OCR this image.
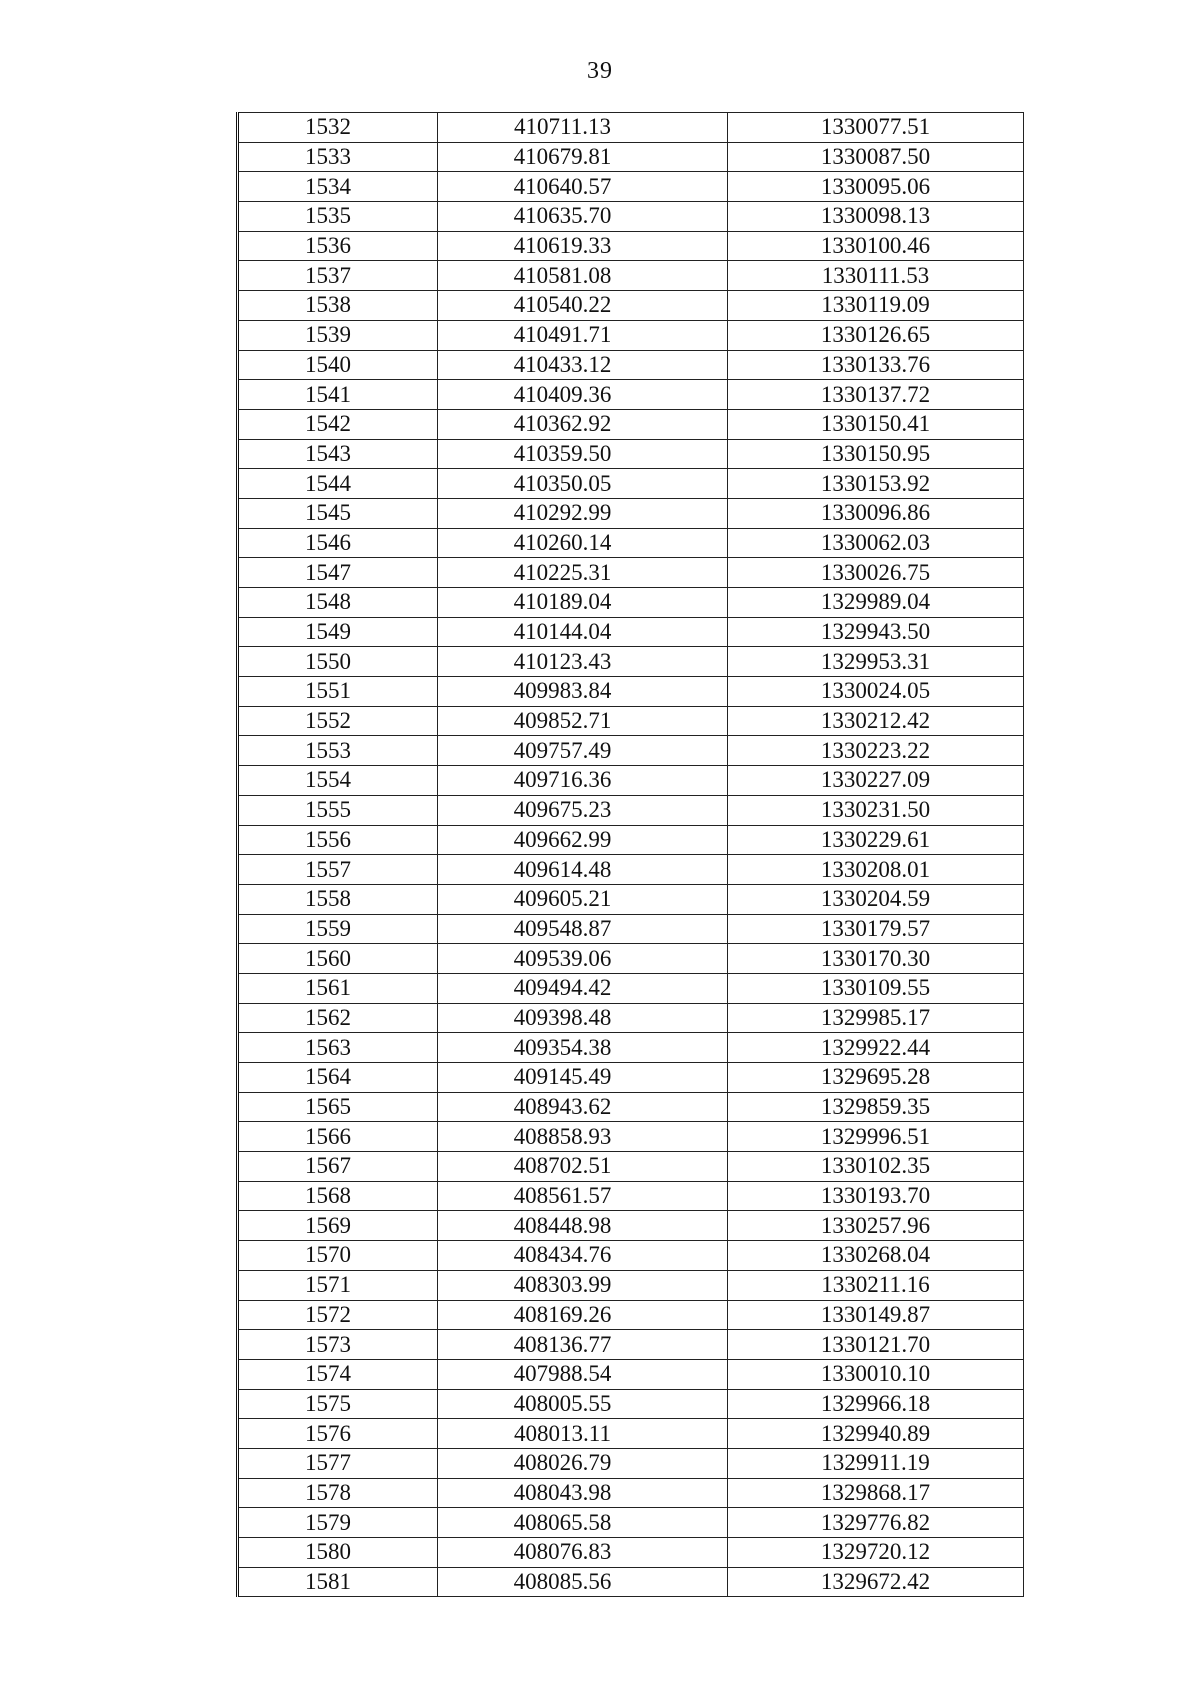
39
1532	410711.13	1330077.51
1533	410679.81	1330087.50
1534	410640.57	1330095.06
1535	410635.70	1330098.13
1536	410619.33	1330100.46
1537	410581.08	1330111.53
1538	410540.22	1330119.09
1539	410491.71	1330126.65
1540	410433.12	1330133.76
1541	410409.36	1330137.72
1542	410362.92	1330150.41
1543	410359.50	1330150.95
1544	410350.05	1330153.92
1545	410292.99	1330096.86
1546	410260.14	1330062.03
1547	410225.31	1330026.75
1548	410189.04	1329989.04
1549	410144.04	1329943.50
1550	410123.43	1329953.31
1551	409983.84	1330024.05
1552	409852.71	1330212.42
1553	409757.49	1330223.22
1554	409716.36	1330227.09
1555	409675.23	1330231.50
1556	409662.99	1330229.61
1557	409614.48	1330208.01
1558	409605.21	1330204.59
1559	409548.87	1330179.57
1560	409539.06	1330170.30
1561	409494.42	1330109.55
1562	409398.48	1329985.17
1563	409354.38	1329922.44
1564	409145.49	1329695.28
1565	408943.62	1329859.35
1566	408858.93	1329996.51
1567	408702.51	1330102.35
1568	408561.57	1330193.70
1569	408448.98	1330257.96
1570	408434.76	1330268.04
1571	408303.99	1330211.16
1572	408169.26	1330149.87
1573	408136.77	1330121.70
1574	407988.54	1330010.10
1575	408005.55	1329966.18
1576	408013.11	1329940.89
1577	408026.79	1329911.19
1578	408043.98	1329868.17
1579	408065.58	1329776.82
1580	408076.83	1329720.12
1581	408085.56	1329672.42
